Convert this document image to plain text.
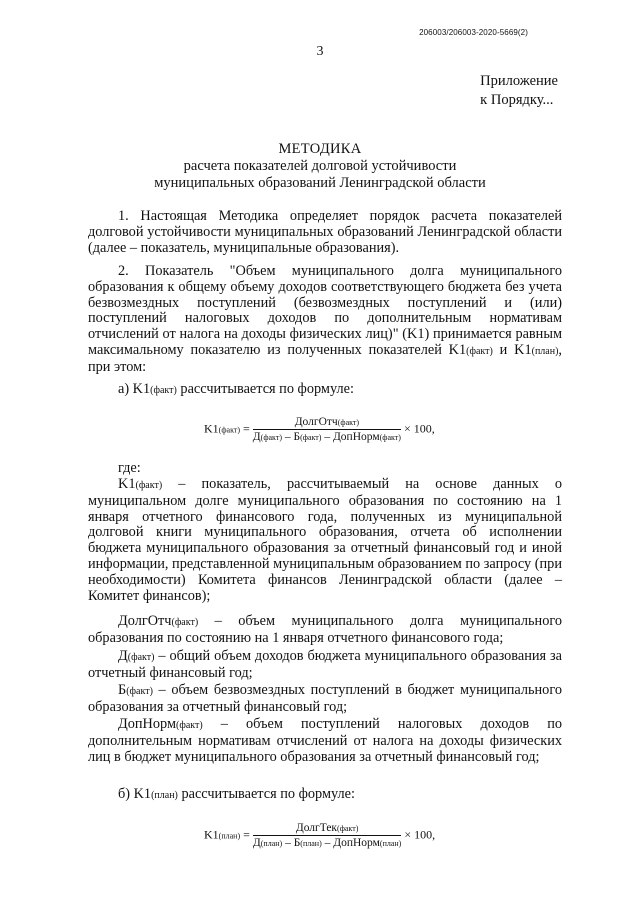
206003/206003-2020-5669(2)
3
Приложение
к Порядку...
МЕТОДИКА
расчета показателей долговой устойчивости
муниципальных образований Ленинградской области

1. Настоящая Методика определяет порядок расчета показателей долговой устойчивости муниципальных образований Ленинградской области (далее – показатель, муниципальные образования).

2. Показатель "Объем муниципального долга муниципального образования к общему объему доходов соответствующего бюджета без учета безвозмездных поступлений (безвозмездных поступлений и (или) поступлений налоговых доходов по дополнительным нормативам отчислений от налога на доходы физических лиц)" (K1) принимается равным максимальному показателю из полученных показателей K1(факт) и K1(план), при этом:

а) K1(факт) рассчитывается по формуле:

K1(факт) = $\frac{\text{ДолгОтч(факт)}}{\text{Д(факт) – Б(факт) – ДопНорм(факт)}} \times 100$,

где:

K1(факт) – показатель, рассчитываемый на основе данных о муниципальном долге муниципального образования по состоянию на 1 января отчетного финансового года, полученных из муниципальной долговой книги муниципального образования, отчета об исполнении бюджета муниципального образования за отчетный финансовый год и иной информации, представленной муниципальным образованием по запросу (при необходимости) Комитета финансов Ленинградской области (далее – Комитет финансов);

ДолгОтч(факт) – объем муниципального долга муниципального образования по состоянию на 1 января отчетного финансового года;

Д(факт) – общий объем доходов бюджета муниципального образования за отчетный финансовый год;

Б(факт) – объем безвозмездных поступлений в бюджет муниципального образования за отчетный финансовый год;

ДопНорм(факт) – объем поступлений налоговых доходов по дополнительным нормативам отчислений от налога на доходы физических лиц в бюджет муниципального образования за отчетный финансовый год;

б) K1(план) рассчитывается по формуле:

K1(план) = $\frac{\text{ДолгТек(факт)}}{\text{Д(план) – Б(план) – ДопНорм(план)}} \times 100$,
